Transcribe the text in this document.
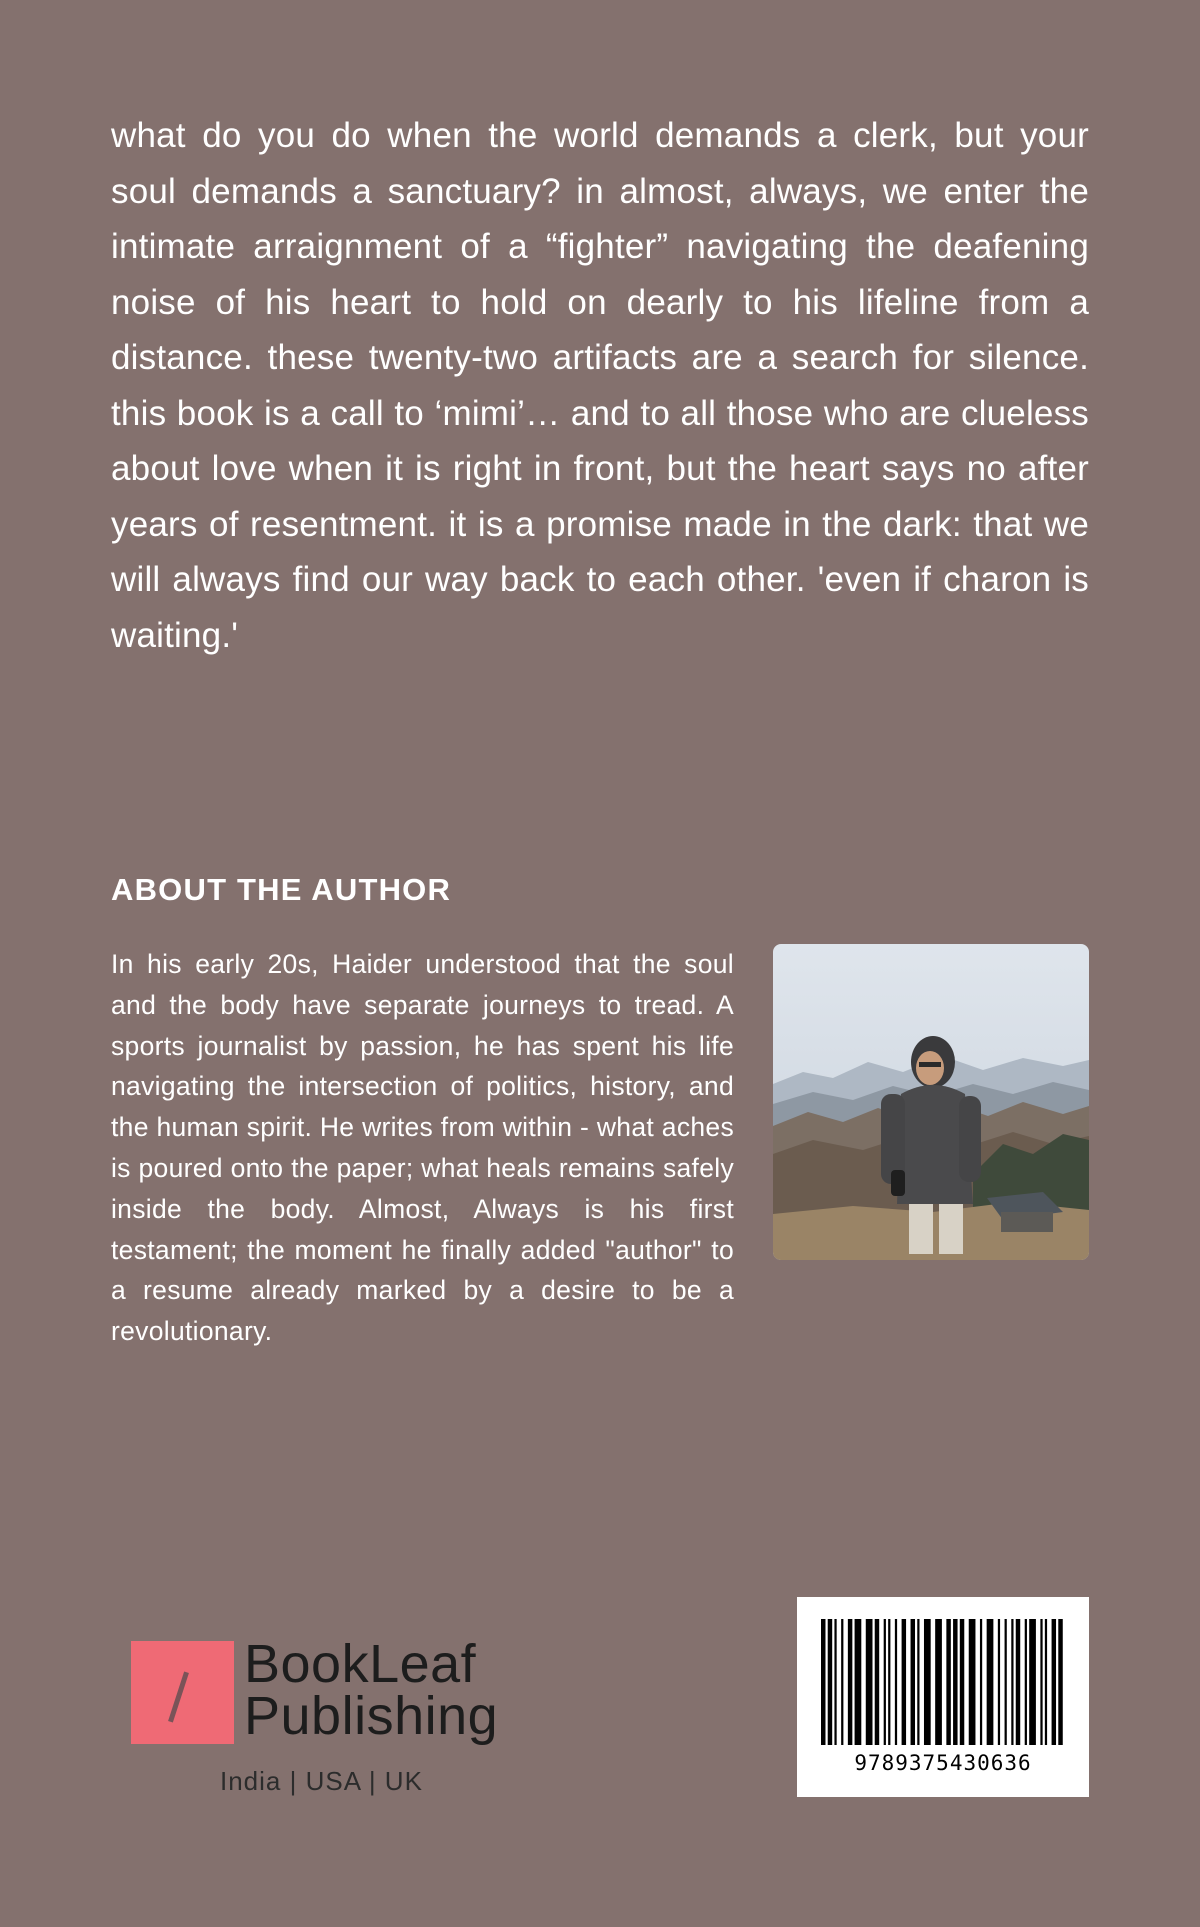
what do you do when the world demands a clerk, but your soul demands a sanctuary? in almost, always, we enter the intimate arraignment of a “fighter” navigating the deafening noise of his heart to hold on dearly to his lifeline from a distance. these twenty-two artifacts are a search for silence. this book is a call to ‘mimi’… and to all those who are clueless about love when it is right in front, but the heart says no after years of resentment. it is a promise made in the dark: that we will always find our way back to each other. 'even if charon is waiting.'

ABOUT THE AUTHOR

In his early 20s, Haider understood that the soul and the body have separate journeys to tread. A sports journalist by passion, he has spent his life navigating the intersection of politics, history, and the human spirit. He writes from within - what aches is poured onto the paper; what heals remains safely inside the body. Almost, Always is his first testament; the moment he finally added "author" to a resume already marked by a desire to be a revolutionary.

BookLeaf
Publishing
India | USA | UK
9789375430636
